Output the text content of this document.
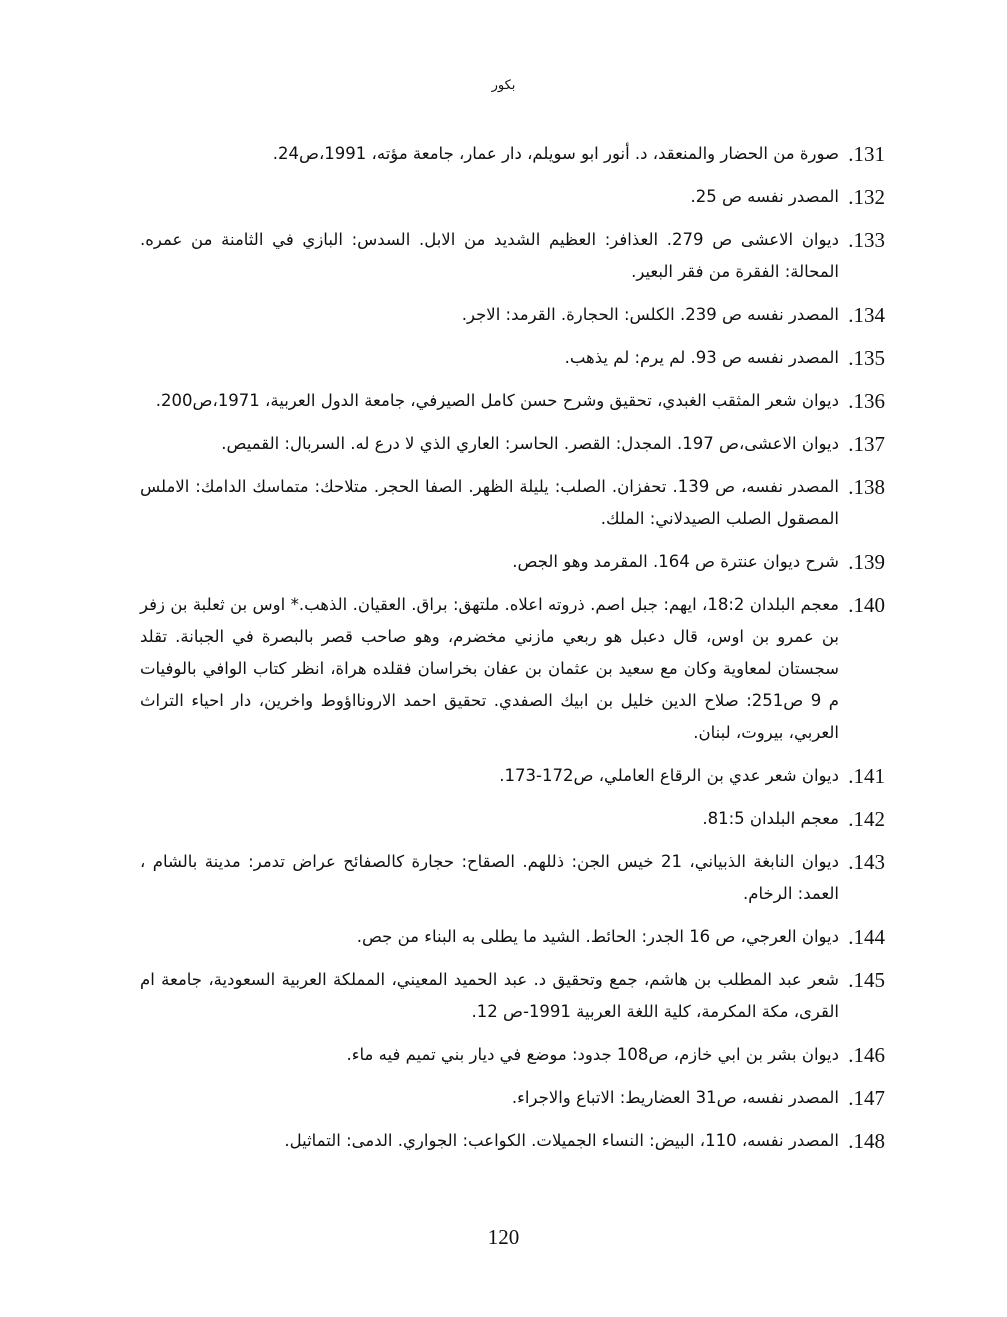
بكور
131.
صورة من الحضار والمنعقد، د. أنور ابو سويلم، دار عمار، جامعة مؤته، 1991،ص24.
132.
المصدر نفسه ص 25.
133.
ديوان الاعشى ص 279. العذافر: العظيم الشديد من الابل. السدس: البازي في الثامنة من عمره. المحالة: الفقرة من فقر البعير.
134.
المصدر نفسه ص 239. الكلس: الحجارة. القرمد: الاجر.
135.
المصدر نفسه ص 93. لم يرم: لم يذهب.
136.
ديوان شعر المثقب الغبدي، تحقيق وشرح حسن كامل الصيرفي، جامعة الدول العربية، 1971،ص200.
137.
ديوان الاعشى،ص 197. المجدل: القصر. الحاسر: العاري الذي لا درع له. السربال: القميص.
138.
المصدر نفسه، ص 139. تحفزان. الصلب: يليلة الظهر. الصفا الحجر. متلاحك: متماسك الدامك: الاملس المصقول الصلب الصيدلاني: الملك.
139.
شرح ديوان عنترة ص 164. المقرمد وهو الجص.
140.
معجم البلدان 18:2، ايهم: جبل اصم. ذروته اعلاه. ملتهق: براق. العقيان. الذهب.* اوس بن ثعلبة بن زفر بن عمرو بن اوس، قال دعبل هو ربعي مازني مخضرم، وهو صاحب قصر بالبصرة في الجبانة. تقلد سجستان لمعاوية وكان مع سعيد بن عثمان بن عفان بخراسان فقلده هراة، انظر كتاب الوافي بالوفيات م 9 ص251: صلاح الدين خليل بن ابيك الصفدي. تحقيق احمد الارونااؤوط واخرين، دار احياء التراث العربي، بيروت، لبنان.
141.
ديوان شعر عدي بن الرقاع العاملي، ص172-173.
142.
معجم البلدان 81:5.
143.
ديوان النابغة الذبياني، 21 خيس الجن: ذللهم. الصقاح: حجارة كالصفائح عراض تدمر: مدينة بالشام ، العمد: الرخام.
144.
ديوان العرجي، ص 16 الجدر: الحائط. الشيد ما يطلى به البناء من جص.
145.
شعر عبد المطلب بن هاشم، جمع وتحقيق د. عبد الحميد المعيني، المملكة العربية السعودية، جامعة ام القرى، مكة المكرمة، كلية اللغة العربية 1991-ص 12.
146.
ديوان بشر بن ابي خازم، ص108 جدود: موضع في ديار بني تميم فيه ماء.
147.
المصدر نفسه، ص31 العضاريط: الاتباع والاجراء.
148.
المصدر نفسه، 110، البيض: النساء الجميلات. الكواعب: الجواري. الدمى: التماثيل.
120
